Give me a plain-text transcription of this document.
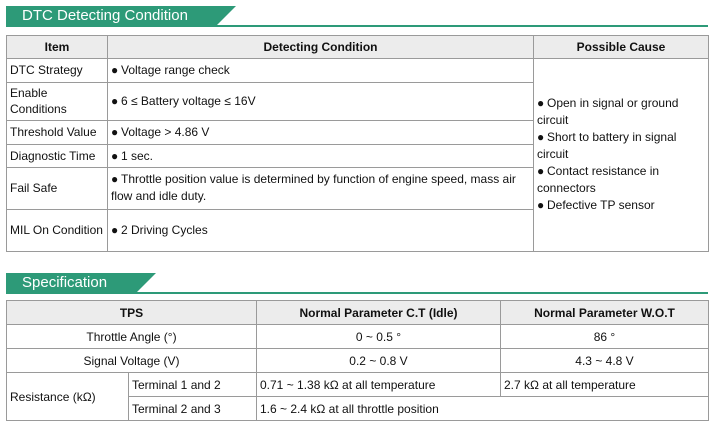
DTC Detecting Condition
Item	Detecting Condition	Possible Cause
DTC Strategy	● Voltage range check	● Open in signal or ground circuit
● Short to battery in signal circuit
● Contact resistance in connectors
● Defective TP sensor

Enable Conditions	● 6 ≤ Battery voltage ≤ 16V	
Threshold Value	● Voltage > 4.86 V	
Diagnostic Time	● 1 sec.	
Fail Safe	● Throttle position value is determined by function of engine speed, mass air flow and idle duty.	
MIL On Condition	● 2 Driving Cycles	
Specification
TPS		Normal Parameter C.T (Idle)	Normal Parameter W.O.T
Throttle Angle (°)		0 ~ 0.5 °	86 °
Signal Voltage (V)		0.2 ~ 0.8 V	4.3 ~ 4.8 V
Resistance (kΩ)	Terminal 1 and 2	0.71 ~ 1.38 kΩ at all temperature	2.7 kΩ at all temperature
	Terminal 2 and 3	1.6 ~ 2.4 kΩ at all throttle position	
